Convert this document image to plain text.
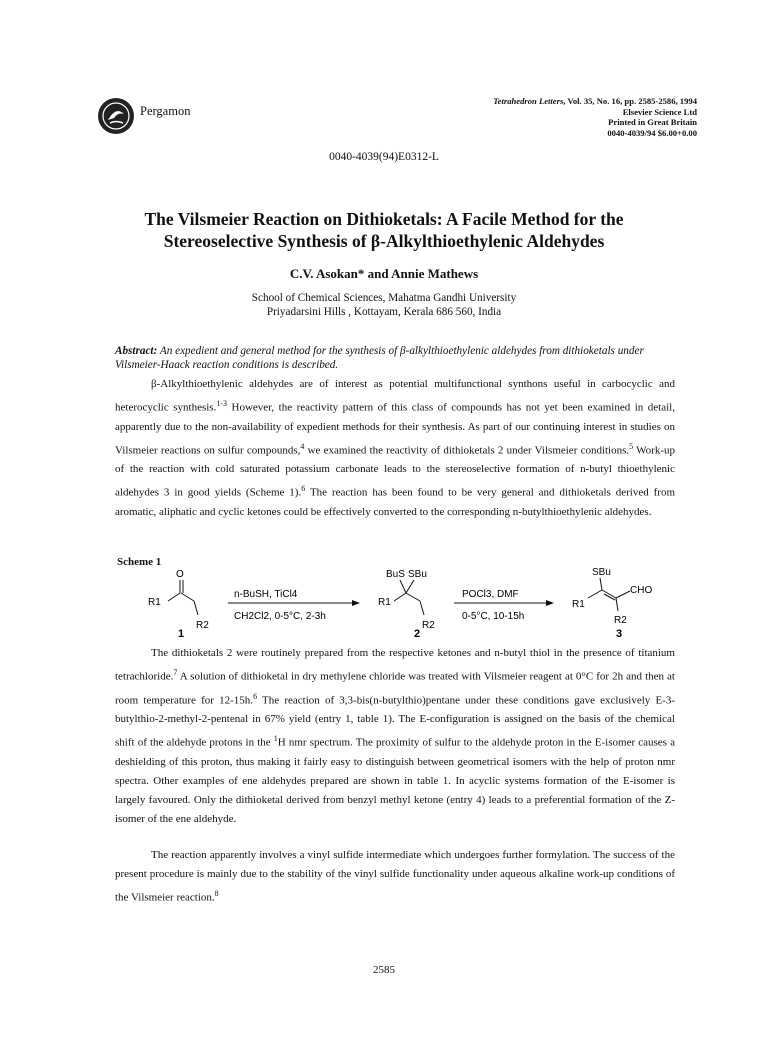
Pergamon
Tetrahedron Letters, Vol. 35, No. 16, pp. 2585-2586, 1994
Elsevier Science Ltd
Printed in Great Britain
0040-4039/94 $6.00+0.00
0040-4039(94)E0312-L
The Vilsmeier Reaction on Dithioketals: A Facile Method for the
Stereoselective Synthesis of β-Alkylthioethylenic Aldehydes
C.V. Asokan* and Annie Mathews
School of Chemical Sciences, Mahatma Gandhi University
Priyadarsini Hills , Kottayam, Kerala 686 560, India
Abstract: An expedient and general method for the synthesis of β-alkylthioethylenic aldehydes from dithioketals under Vilsmeier-Haack reaction conditions is described.
β-Alkylthioethylenic aldehydes are of interest as potential multifunctional synthons useful in carbocyclic and heterocyclic synthesis.$^{1-3}$ However, the reactivity pattern of this class of compounds has not yet been examined in detail, apparently due to the non-availability of expedient methods for their synthesis. As part of our continuing interest in studies on Vilsmeier reactions on sulfur compounds,$^4$ we examined the reactivity of dithioketals 2 under Vilsmeier conditions.$^5$ Work-up of the reaction with cold saturated potassium carbonate leads to the stereoselective formation of n-butyl thioethylenic aldehydes 3 in good yields (Scheme 1).$^6$ The reaction has been found to be very general and dithioketals derived from aromatic, aliphatic and cyclic ketones could be effectively converted to the corresponding n-butylthioethylenic aldehydes.
Scheme 1
O
R1
R2
1
n-BuSH, TiCl4
CH2Cl2, 0-5°C, 2-3h
BuS SBu
R1
R2
2
POCl3, DMF
0-5°C, 10-15h
SBu
CHO
R1
R2
3
The dithioketals 2 were routinely prepared from the respective ketones and n-butyl thiol in the presence of titanium tetrachloride.$^7$ A solution of dithioketal in dry methylene chloride was treated with Vilsmeier reagent at 0°C for 2h and then at room temperature for 12-15h.$^6$ The reaction of 3,3-bis(n-butylthio)pentane under these conditions gave exclusively E-3-butylthio-2-methyl-2-pentenal in 67% yield (entry 1, table 1). The E-configuration is assigned on the basis of the chemical shift of the aldehyde protons in the $^1$H nmr spectrum. The proximity of sulfur to the aldehyde proton in the E-isomer causes a deshielding of this proton, thus making it fairly easy to distinguish between geometrical isomers with the help of proton nmr spectra. Other examples of ene aldehydes prepared are shown in table 1. In acyclic systems formation of the E-isomer is largely favoured. Only the dithioketal derived from benzyl methyl ketone (entry 4) leads to a preferential formation of the Z-isomer of the ene aldehyde.
The reaction apparently involves a vinyl sulfide intermediate which undergoes further formylation. The success of the present procedure is mainly due to the stability of the vinyl sulfide functionality under aqueous alkaline work-up conditions of the Vilsmeier reaction.$^8$
2585
